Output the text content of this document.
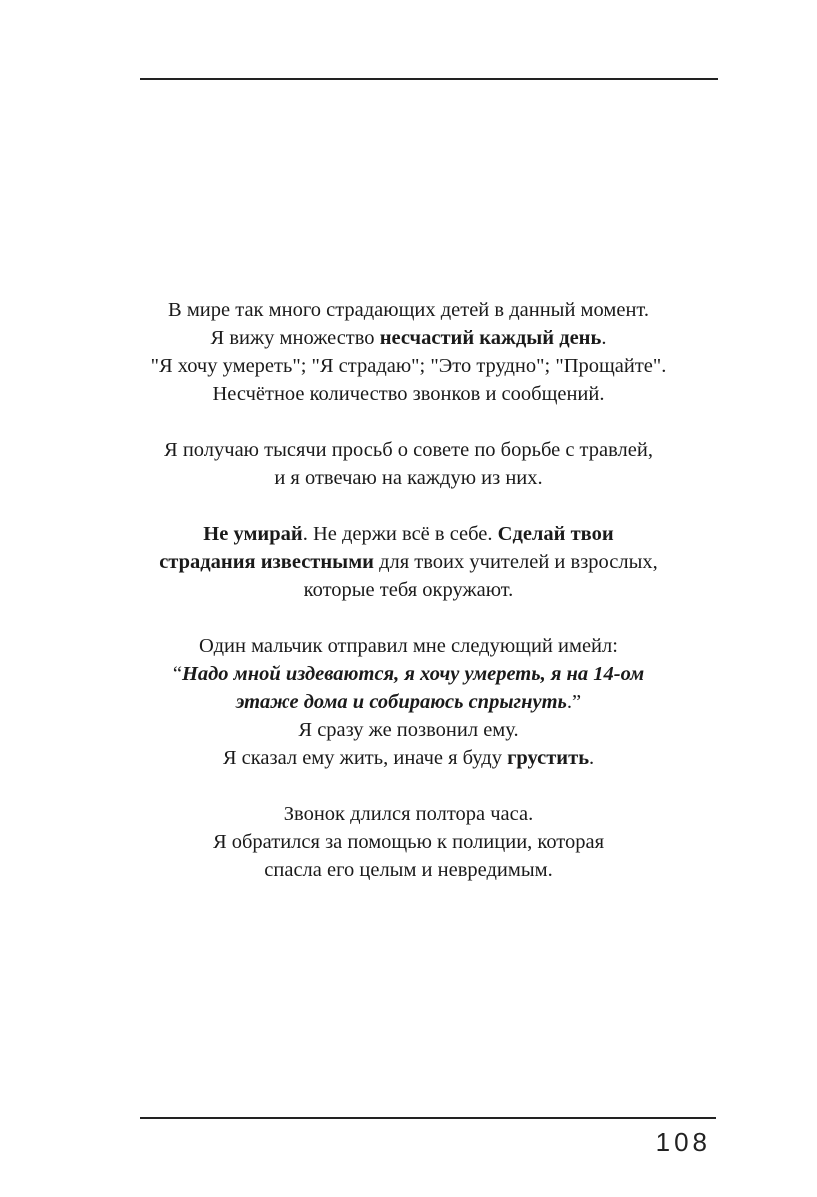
В мире так много страдающих детей в данный момент.
Я вижу множество несчастий каждый день.
"Я хочу умереть"; "Я страдаю"; "Это трудно"; "Прощайте".
Несчётное количество звонков и сообщений.

Я получаю тысячи просьб о совете по борьбе с травлей,
и я отвечаю на каждую из них.

Не умирай. Не держи всё в себе. Сделай твои
страдания известными для твоих учителей и взрослых,
которые тебя окружают.

Один мальчик отправил мне следующий имейл:
“Надо мной издеваются, я хочу умереть, я на 14-ом
этаже дома и собираюсь спрыгнуть.”
Я сразу же позвонил ему.
Я сказал ему жить, иначе я буду грустить.

Звонок длился полтора часа.
Я обратился за помощью к полиции, которая
спасла его целым и невредимым.

108
